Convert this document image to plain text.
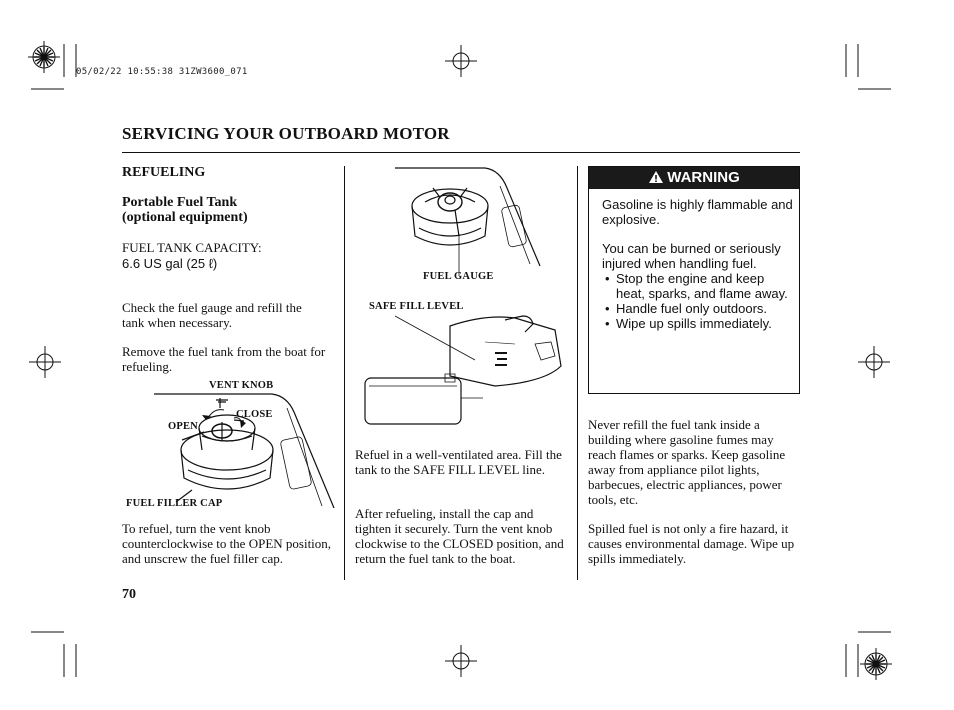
05/02/22 10:55:38 31ZW3600_071
SERVICING YOUR OUTBOARD MOTOR
REFUELING
Portable Fuel Tank
(optional equipment)
FUEL TANK CAPACITY:
6.6 US gal (25 ℓ)
Check the fuel gauge and refill the tank when necessary.
Remove the fuel tank from the boat for refueling.
VENT KNOB
CLOSE
OPEN
FUEL FILLER CAP
To refuel, turn the vent knob counterclockwise to the OPEN position, and unscrew the fuel filler cap.
FUEL GAUGE
SAFE FILL LEVEL
Refuel in a well-ventilated area. Fill the tank to the SAFE FILL LEVEL line.
After refueling, install the cap and tighten it securely. Turn the vent knob clockwise to the CLOSED position, and return the fuel tank to the boat.
WARNING

Gasoline is highly flammable and explosive.

You can be burned or seriously injured when handling fuel.

• Stop the engine and keep heat, sparks, and flame away.
• Handle fuel only outdoors.
• Wipe up spills immediately.
Never refill the fuel tank inside a building where gasoline fumes may reach flames or sparks. Keep gasoline away from appliance pilot lights, barbecues, electric appliances, power tools, etc.
Spilled fuel is not only a fire hazard, it causes environmental damage. Wipe up spills immediately.
70
